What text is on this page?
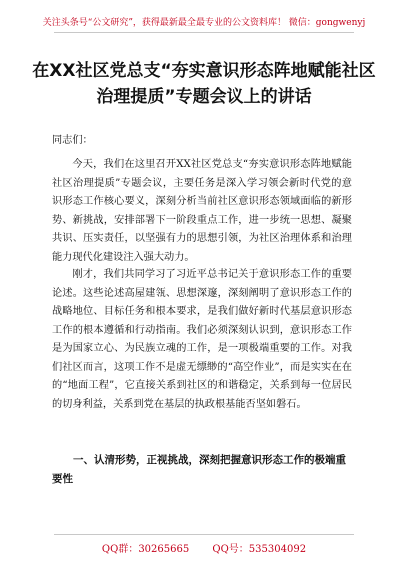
关注头条号“公文研究”，获得最新最全最专业的公文资料库！ 微信：gongwenyj
在XX社区党总支“夯实意识形态阵地赋能社区治理提质”专题会议上的讲话
同志们：
今天，我们在这里召开XX社区党总支“夯实意识形态阵地赋能社区治理提质”专题会议，主要任务是深入学习领会新时代党的意识形态工作核心要义，深刻分析当前社区意识形态领域面临的新形势、新挑战，安排部署下一阶段重点工作，进一步统一思想、凝聚共识、压实责任，以坚强有力的思想引领，为社区治理体系和治理能力现代化建设注入强大动力。
刚才，我们共同学习了习近平总书记关于意识形态工作的重要论述。这些论述高屋建瓴、思想深邃，深刻阐明了意识形态工作的战略地位、目标任务和根本要求，是我们做好新时代基层意识形态工作的根本遵循和行动指南。我们必须深刻认识到，意识形态工作是为国家立心、为民族立魂的工作，是一项极端重要的工作。对我们社区而言，这项工作不是虚无缥缈的“高空作业”，而是实实在在的“地面工程”，它直接关系到社区的和谐稳定，关系到每一位居民的切身利益，关系到党在基层的执政根基能否坚如磐石。
一、认清形势，正视挑战，深刻把握意识形态工作的极端重要性
QQ群：30265665 QQ号：535304092
